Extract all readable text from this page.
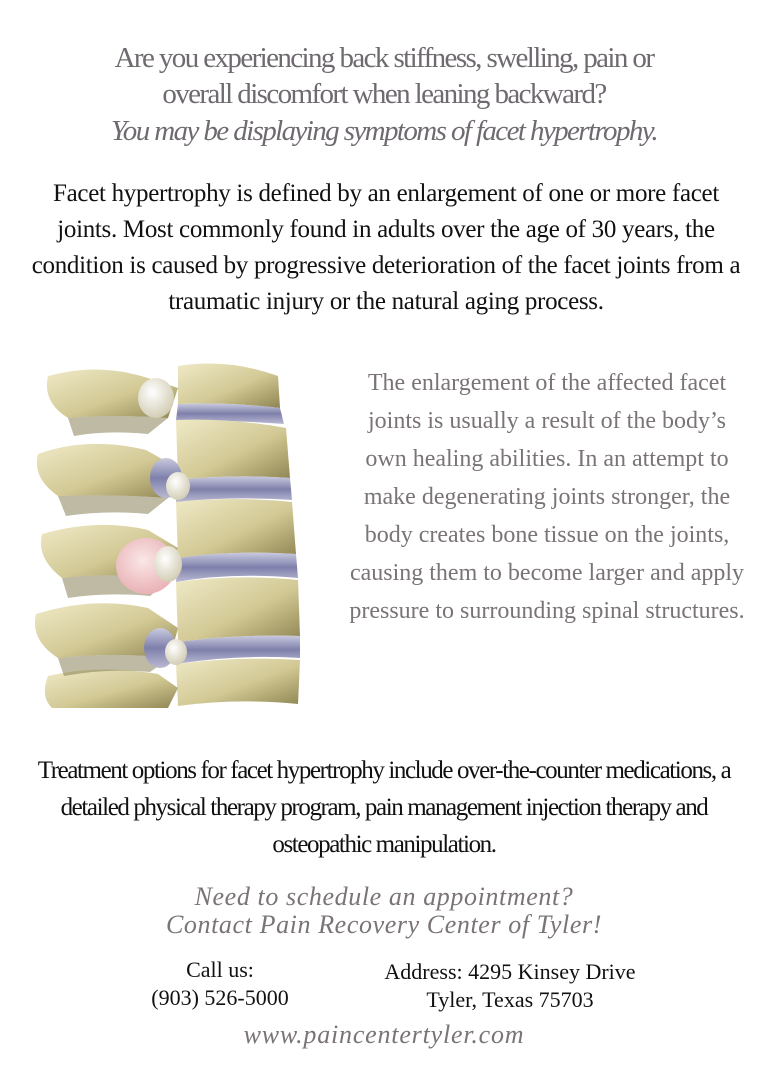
Are you experiencing back stiffness, swelling, pain or
overall discomfort when leaning backward?
You may be displaying symptoms of facet hypertrophy.
Facet hypertrophy is defined by an enlargement of one or more facet joints. Most commonly found in adults over the age of 30 years, the condition is caused by progressive deterioration of the facet joints from a traumatic injury or the natural aging process.
The enlargement of the affected facet joints is usually a result of the body’s own healing abilities. In an attempt to make degenerating joints stronger, the body creates bone tissue on the joints, causing them to become larger and apply pressure to surrounding spinal structures.
Treatment options for facet hypertrophy include over-the-counter medications, a detailed physical therapy program, pain management injection therapy and osteopathic manipulation.
Need to schedule an appointment?
Contact Pain Recovery Center of Tyler!
Call us:
(903) 526-5000
Address: 4295 Kinsey Drive
Tyler, Texas 75703
www.paincentertyler.com
